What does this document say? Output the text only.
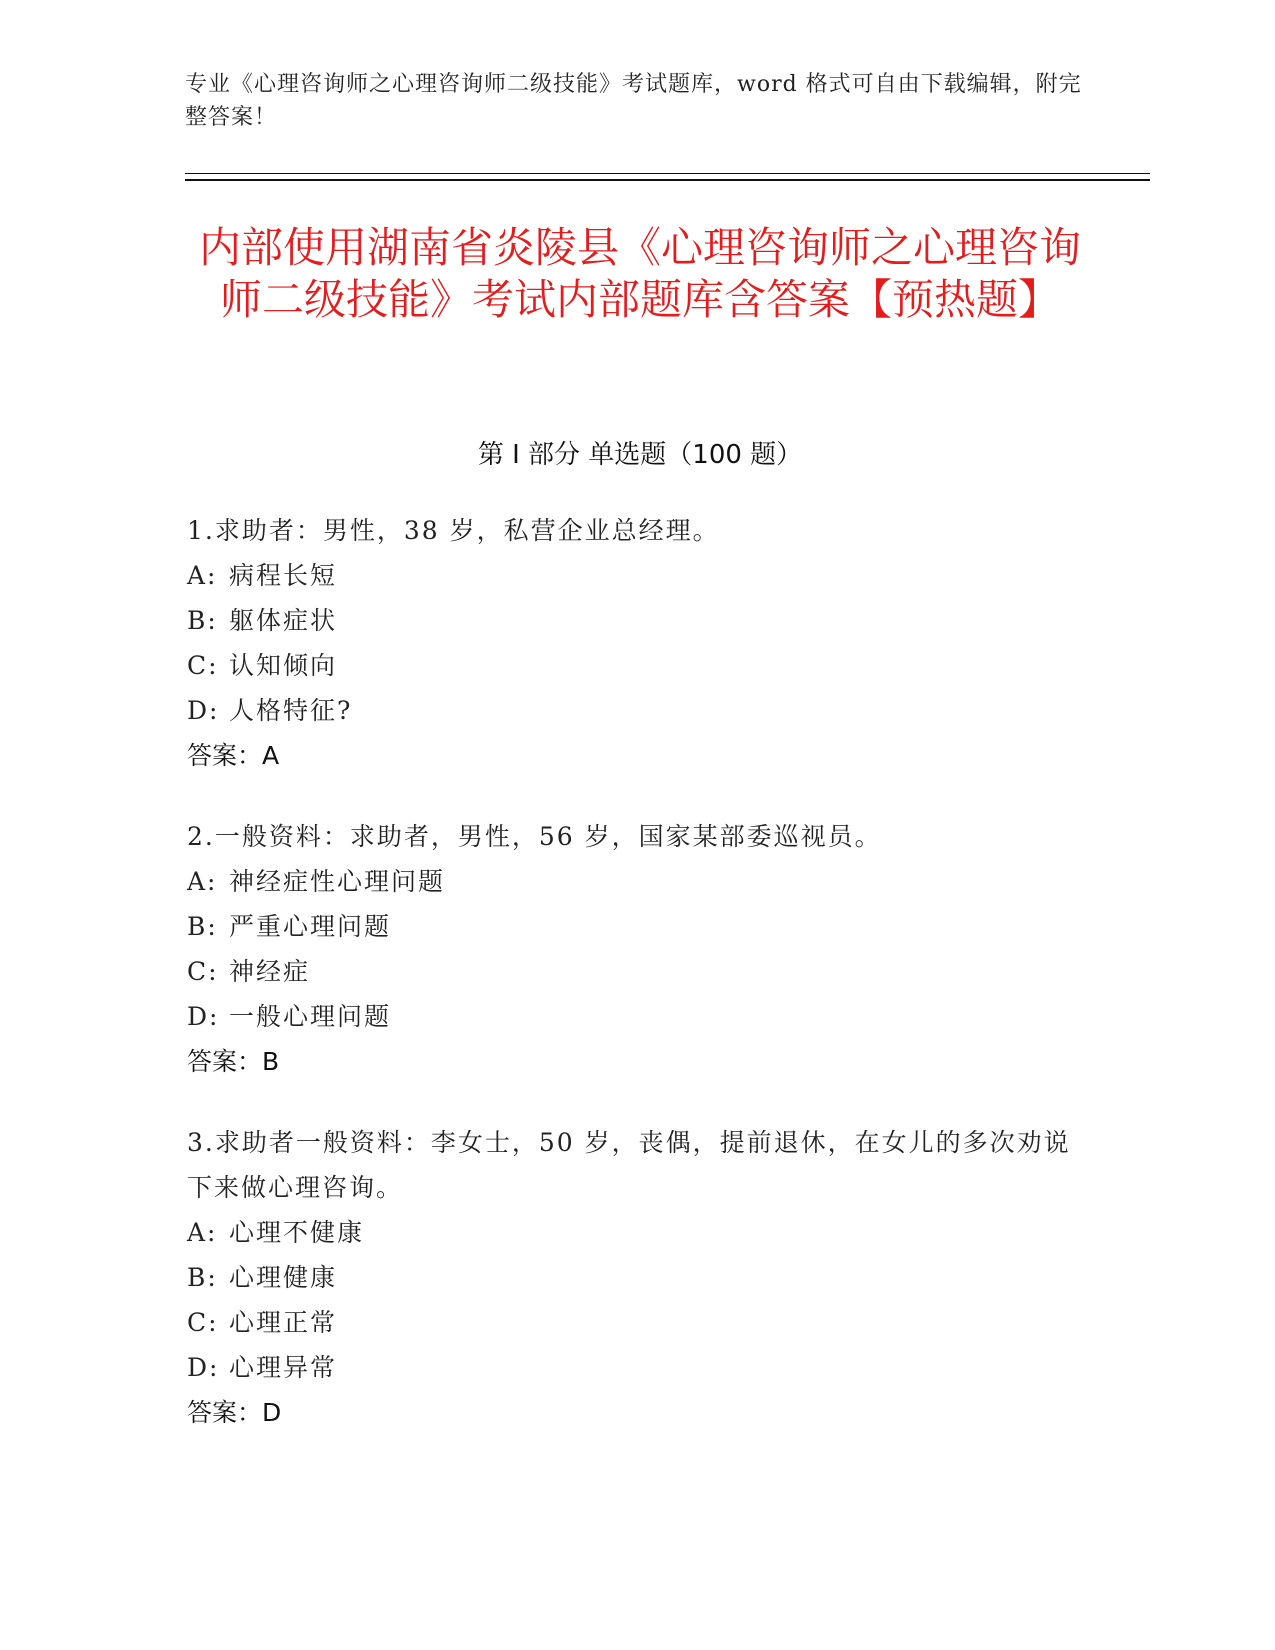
专业《心理咨询师之心理咨询师二级技能》考试题库，word 格式可自由下载编辑，附完整答案！
内部使用湖南省炎陵县《心理咨询师之心理咨询师二级技能》考试内部题库含答案【预热题】
第 I 部分 单选题（100 题）

1.求助者：男性，38 岁，私营企业总经理。

A: 病程长短

B: 躯体症状

C: 认知倾向

D: 人格特征?

答案：A

2.一般资料：求助者，男性，56 岁，国家某部委巡视员。

A: 神经症性心理问题

B: 严重心理问题

C: 神经症

D: 一般心理问题

答案：B

3.求助者一般资料：李女士，50 岁，丧偶，提前退休，在女儿的多次劝说下来做心理咨询。

A: 心理不健康

B: 心理健康

C: 心理正常

D: 心理异常

答案：D
